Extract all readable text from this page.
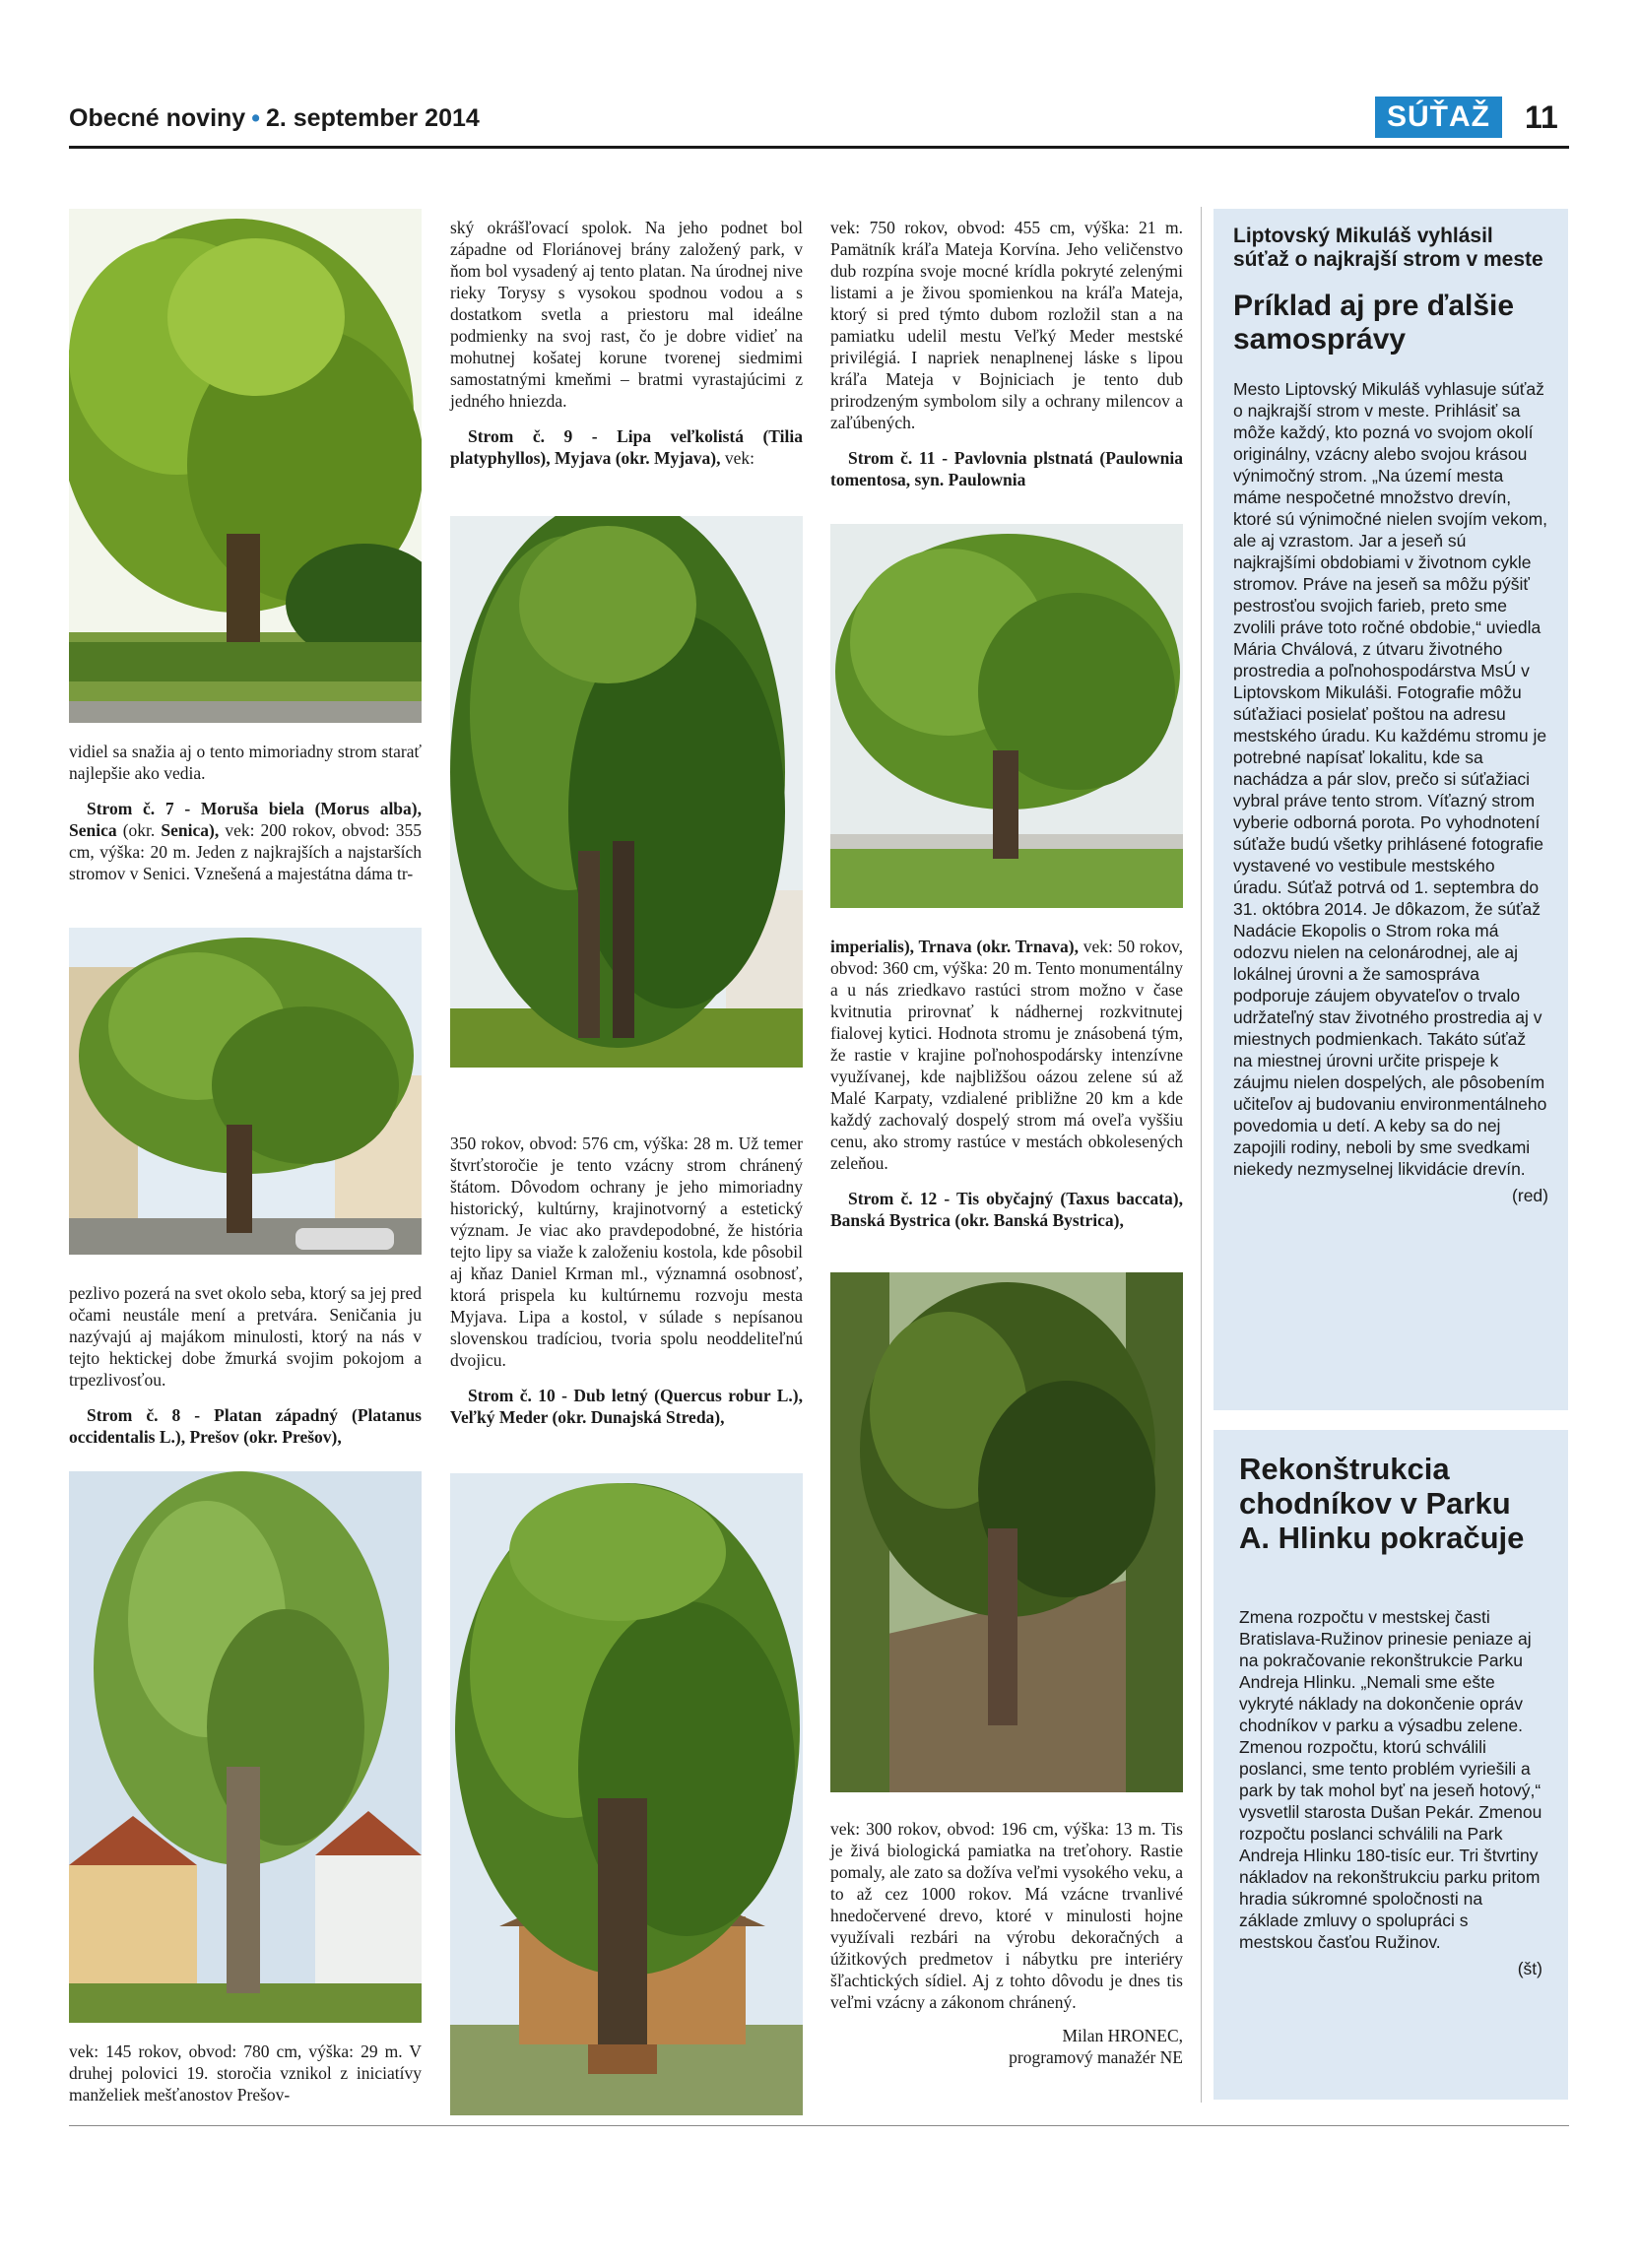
Obecné noviny • 2. september 2014	SÚŤAŽ	11

vidiel sa snažia aj o tento mimoriadny strom starať najlepšie ako vedia.

Strom č. 7 - Moruša biela (Morus alba), Senica (okr. Senica), vek: 200 rokov, obvod: 355 cm, výška: 20 m. Jeden z najkrajších a najstarších stromov v Senici. Vznešená a majestátna dáma tr-

pezlivo pozerá na svet okolo seba, ktorý sa jej pred očami neustále mení a pretvára. Seničania ju nazývajú aj majákom minulosti, ktorý na nás v tejto hektickej dobe žmurká svojim pokojom a trpezlivosťou.

Strom č. 8 - Platan západný (Platanus occidentalis L.), Prešov (okr. Prešov),

vek: 145 rokov, obvod: 780 cm, výška: 29 m. V druhej polovici 19. storočia vznikol z iniciatívy manželiek mešťanostov Prešov-

ský okrášľovací spolok. Na jeho podnet bol západne od Floriánovej brány založený park, v ňom bol vysadený aj tento platan. Na úrodnej nive rieky Torysy s vysokou spodnou vodou a s dostatkom svetla a priestoru mal ideálne podmienky na svoj rast, čo je dobre vidieť na mohutnej košatej korune tvorenej siedmimi samostatnými kmeňmi – bratmi vyrastajúcimi z jedného hniezda.

Strom č. 9 - Lipa veľkolistá (Tilia platyphyllos), Myjava (okr. Myjava), vek:

350 rokov, obvod: 576 cm, výška: 28 m. Už temer štvrťstoročie je tento vzácny strom chránený štátom. Dôvodom ochrany je jeho mimoriadny historický, kultúrny, krajinotvorný a estetický význam. Je viac ako pravdepodobné, že história tejto lipy sa viaže k založeniu kostola, kde pôsobil aj kňaz Daniel Krman ml., významná osobnosť, ktorá prispela ku kultúrnemu rozvoju mesta Myjava. Lipa a kostol, v súlade s nepísanou slovenskou tradíciou, tvoria spolu neoddeliteľnú dvojicu.

Strom č. 10 - Dub letný (Quercus robur L.), Veľký Meder (okr. Dunajská Streda),

vek: 750 rokov, obvod: 455 cm, výška: 21 m. Pamätník kráľa Mateja Korvína. Jeho veličenstvo dub rozpína svoje mocné krídla pokryté zelenými listami a je živou spomienkou na kráľa Mateja, ktorý si pred týmto dubom rozložil stan a na pamiatku udelil mestu Veľký Meder mestské privilégiá. I napriek nenaplnenej láske s lipou kráľa Mateja v Bojniciach je tento dub prirodzeným symbolom sily a ochrany milencov a zaľúbených.

Strom č. 11 - Pavlovnia plstnatá (Paulownia tomentosa, syn. Paulownia

imperialis), Trnava (okr. Trnava), vek: 50 rokov, obvod: 360 cm, výška: 20 m. Tento monumentálny a u nás zriedkavo rastúci strom možno v čase kvitnutia prirovnať k nádhernej rozkvitnutej fialovej kytici. Hodnota stromu je znásobená tým, že rastie v krajine poľnohospodársky intenzívne využívanej, kde najbližšou oázou zelene sú až Malé Karpaty, vzdialené približne 20 km a kde každý zachovalý dospelý strom má oveľa vyššiu cenu, ako stromy rastúce v mestách obkolesených zeleňou.

Strom č. 12 - Tis obyčajný (Taxus baccata), Banská Bystrica (okr. Banská Bystrica),

vek: 300 rokov, obvod: 196 cm, výška: 13 m. Tis je živá biologická pamiatka na treťohory. Rastie pomaly, ale zato sa dožíva veľmi vysokého veku, a to až cez 1000 rokov. Má vzácne trvanlivé hnedočervené drevo, ktoré v minulosti hojne využívali rezbári na výrobu dekoračných a úžitkových predmetov i nábytku pre interiéry šľachtických sídiel. Aj z tohto dôvodu je dnes tis veľmi vzácny a zákonom chránený.

Milan HRONEC,
programový manažér NE
Liptovský Mikuláš vyhlásil súťaž o najkrajší strom v meste
Príklad aj pre ďalšie samosprávy
Mesto Liptovský Mikuláš vyhlasuje súťaž o najkrajší strom v meste. Prihlásiť sa môže každý, kto pozná vo svojom okolí originálny, vzácny alebo svojou krásou výnimočný strom. „Na území mesta máme nespočetné množstvo drevín, ktoré sú výnimočné nielen svojím vekom, ale aj vzrastom. Jar a jeseň sú najkrajšími obdobiami v životnom cykle stromov. Práve na jeseň sa môžu pýšiť pestrosťou svojich farieb, preto sme zvolili práve toto ročné obdobie,“ uviedla Mária Chválová, z útvaru životného prostredia a poľnohospodárstva MsÚ v Liptovskom Mikuláši. Fotografie môžu súťažiaci posielať poštou na adresu mestského úradu. Ku každému stromu je potrebné napísať lokalitu, kde sa nachádza a pár slov, prečo si súťažiaci vybral práve tento strom. Víťazný strom vyberie odborná porota. Po vyhodnotení súťaže budú všetky prihlásené fotografie vystavené vo vestibule mestského úradu. Súťaž potrvá od 1. septembra do 31. októbra 2014. Je dôkazom, že súťaž Nadácie Ekopolis o Strom roka má odozvu nielen na celonárodnej, ale aj lokálnej úrovni a že samospráva podporuje záujem obyvateľov o trvalo udržateľný stav životného prostredia aj v miestnych podmienkach. Takáto súťaž na miestnej úrovni určite prispeje k záujmu nielen dospelých, ale pôsobením učiteľov aj budovaniu environmentálneho povedomia u detí. A keby sa do nej zapojili rodiny, neboli by sme svedkami niekedy nezmyselnej likvidácie drevín.
(red)
Rekonštrukcia chodníkov v Parku A. Hlinku pokračuje
Zmena rozpočtu v mestskej časti Bratislava-Ružinov prinesie peniaze aj na pokračovanie rekonštrukcie Parku Andreja Hlinku. „Nemali sme ešte vykryté náklady na dokončenie opráv chodníkov v parku a výsadbu zelene. Zmenou rozpočtu, ktorú schválili poslanci, sme tento problém vyriešili a park by tak mohol byť na jeseň hotový,“ vysvetlil starosta Dušan Pekár. Zmenou rozpočtu poslanci schválili na Park Andreja Hlinku 180-tisíc eur. Tri štvrtiny nákladov na rekonštrukciu parku pritom hradia súkromné spoločnosti na základe zmluvy o spolupráci s mestskou časťou Ružinov.
(št)
